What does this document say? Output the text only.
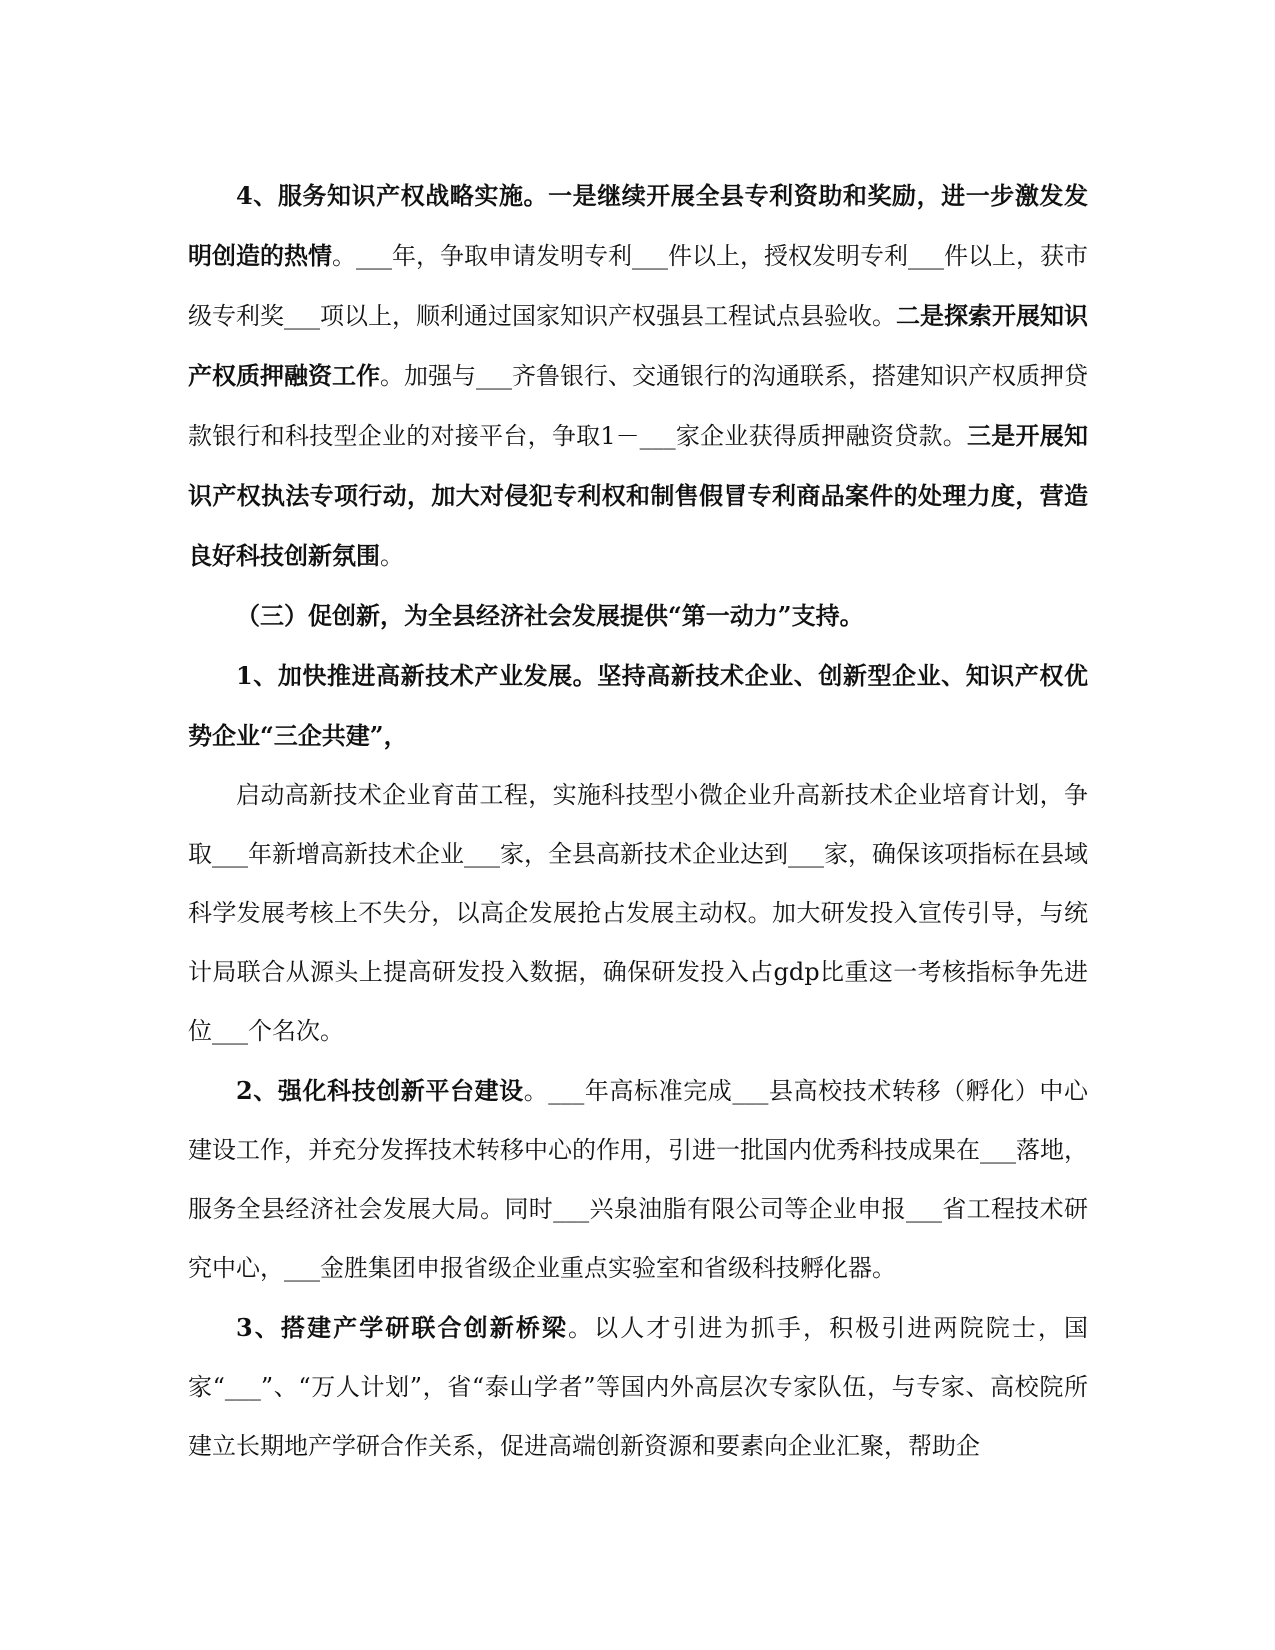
4、服务知识产权战略实施。一是继续开展全县专利资助和奖励，进一步激发发明创造的热情。___年，争取申请发明专利___件以上，授权发明专利___件以上，获市级专利奖___项以上，顺利通过国家知识产权强县工程试点县验收。二是探索开展知识产权质押融资工作。加强与___齐鲁银行、交通银行的沟通联系，搭建知识产权质押贷款银行和科技型企业的对接平台，争取1－___家企业获得质押融资贷款。三是开展知识产权执法专项行动，加大对侵犯专利权和制售假冒专利商品案件的处理力度，营造良好科技创新氛围。

（三）促创新，为全县经济社会发展提供“第一动力”支持。

1、加快推进高新技术产业发展。坚持高新技术企业、创新型企业、知识产权优势企业“三企共建”，

启动高新技术企业育苗工程，实施科技型小微企业升高新技术企业培育计划，争取___年新增高新技术企业___家，全县高新技术企业达到___家，确保该项指标在县域科学发展考核上不失分，以高企发展抢占发展主动权。加大研发投入宣传引导，与统计局联合从源头上提高研发投入数据，确保研发投入占gdp比重这一考核指标争先进位___个名次。

2、强化科技创新平台建设。___年高标准完成___县高校技术转移（孵化）中心建设工作，并充分发挥技术转移中心的作用，引进一批国内优秀科技成果在___落地，服务全县经济社会发展大局。同时___兴泉油脂有限公司等企业申报___省工程技术研究中心，___金胜集团申报省级企业重点实验室和省级科技孵化器。

3、搭建产学研联合创新桥梁。以人才引进为抓手，积极引进两院院士，国家“___”、“万人计划”，省“泰山学者”等国内外高层次专家队伍，与专家、高校院所建立长期地产学研合作关系，促进高端创新资源和要素向企业汇聚，帮助企
